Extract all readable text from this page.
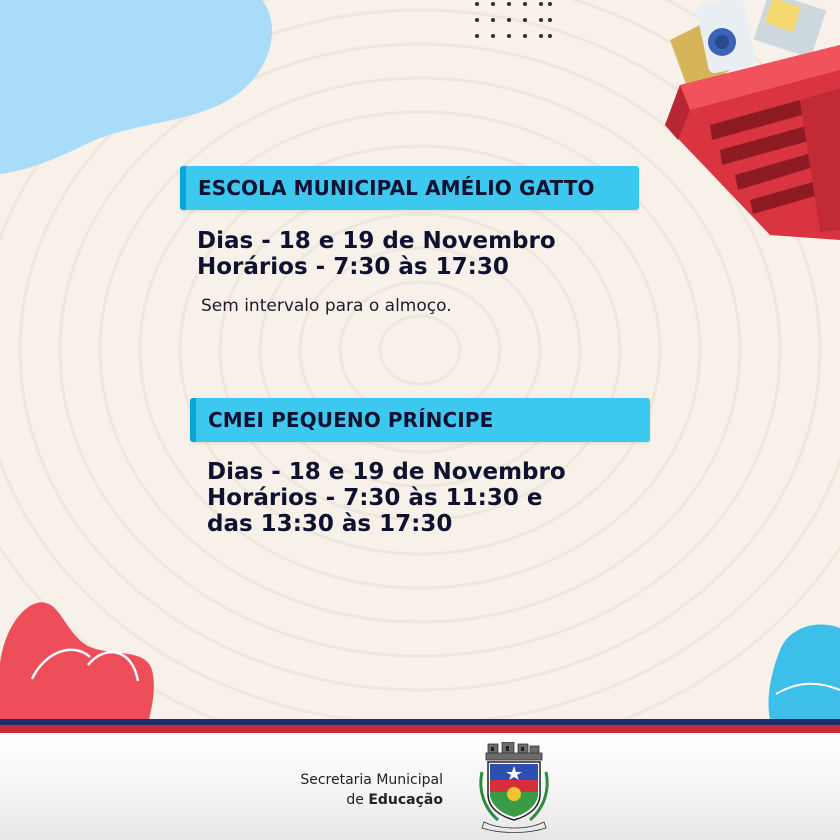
ESCOLA MUNICIPAL AMÉLIO GATTO
Dias - 18 e 19 de Novembro
Horários - 7:30 às 17:30
Sem intervalo para o almoço.
CMEI PEQUENO PRÍNCIPE
Dias - 18 e 19 de Novembro
Horários - 7:30 às 11:30 e
das 13:30 às 17:30
Secretaria Municipal
de Educação
